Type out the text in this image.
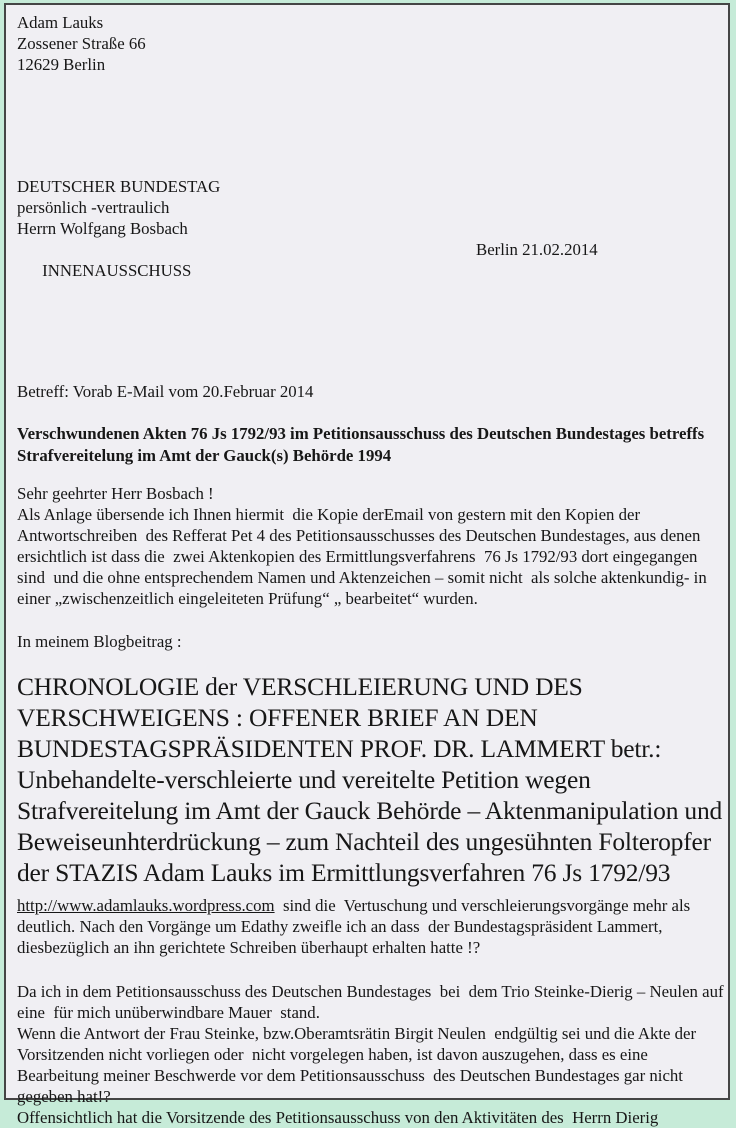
Adam Lauks
Zossener Straße 66
12629 Berlin
DEUTSCHER BUNDESTAG
persönlich -vertraulich
Herrn Wolfgang Bosbach

INNENAUSSCHUSS

Berlin 21.02.2014

Betreff: Vorab E-Mail vom 20.Februar 2014
Verschwundenen Akten 76 Js 1792/93 im Petitionsausschuss des Deutschen Bundestages betreffs Strafvereitelung im Amt der Gauck(s) Behörde 1994
Sehr geehrter Herr Bosbach !
Als Anlage übersende ich Ihnen hiermit  die Kopie derEmail von gestern mit den Kopien der Antwortschreiben  des Refferat Pet 4 des Petitionsausschusses des Deutschen Bundestages, aus denen ersichtlich ist dass die  zwei Aktenkopien des Ermittlungsverfahrens  76 Js 1792/93 dort eingegangen sind  und die ohne entsprechendem Namen und Aktenzeichen – somit nicht  als solche aktenkundig- in einer „zwischenzeitlich eingeleiteten Prüfung“ „ bearbeitet“ wurden.
In meinem Blogbeitrag :
CHRONOLOGIE der VERSCHLEIERUNG UND DES VERSCHWEIGENS : OFFENER BRIEF AN DEN BUNDESTAGSPRÄSIDENTEN PROF. DR. LAMMERT betr.: Unbehandelte-verschleierte und vereitelte Petition wegen Strafvereitelung im Amt der Gauck Behörde – Aktenmanipulation und Beweiseunhterdrückung – zum Nachteil des ungesühnten Folteropfer der STAZIS Adam Lauks im Ermittlungsverfahren 76 Js 1792/93
http://www.adamlauks.wordpress.com  sind die  Vertuschung und verschleierungsvorgänge mehr als deutlich. Nach den Vorgänge um Edathy zweifle ich an dass  der Bundestagspräsident Lammert, diesbezüglich an ihn gerichtete Schreiben überhaupt erhalten hatte !?
Da ich in dem Petitionsausschuss des Deutschen Bundestages  bei  dem Trio Steinke-Dierig – Neulen auf eine  für mich unüberwindbare Mauer  stand.
Wenn die Antwort der Frau Steinke, bzw.Oberamtsrätin Birgit Neulen  endgültig sei und die Akte der Vorsitzenden nicht vorliegen oder  nicht vorgelegen haben, ist davon auszugehen, dass es eine Bearbeitung meiner Beschwerde vor dem Petitionsausschuss  des Deutschen Bundestages gar nicht gegeben hat!?
Offensichtlich hat die Vorsitzende des Petitionsausschuss von den Aktivitäten des  Herrn Dierig
